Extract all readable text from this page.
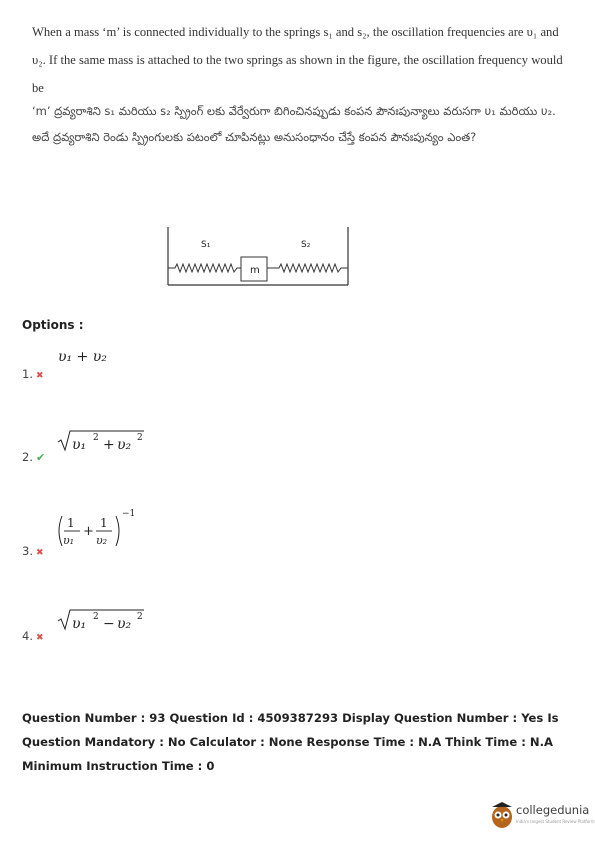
When a mass ‘m’ is connected individually to the springs s₁ and s₂, the oscillation frequencies are υ₁ and υ₂. If the same mass is attached to the two springs as shown in the figure, the oscillation frequency would be
‘m’ ద్రవ్యరాశిని s₁ మరియు s₂ స్ప్రింగ్ లకు వేర్వేరుగా బిగించినప్పుడు కంపన పౌనఃపున్యాలు వరుసగా υ₁ మరియు υ₂. అదే ద్రవ్యరాశిని రెండు స్ప్రింగులకు పటంలో చూపినట్లు అనుసంధానం చేస్తే కంపన పౌనఃపున్యం ఎంత?
S₁	S₂
m
Options :
υ₁ + υ₂
1. ✖
υ₁ 2 + υ₂ 2
2. ✔
1
υ₁
+
1
υ₂
−1
3. ✖
υ₁ 2 − υ₂ 2
4. ✖
Question Number : 93 Question Id : 4509387293 Display Question Number : Yes Is Question Mandatory : No Calculator : None Response Time : N.A Think Time : N.A Minimum Instruction Time : 0
collegedunia
India's largest Student Review Platform
